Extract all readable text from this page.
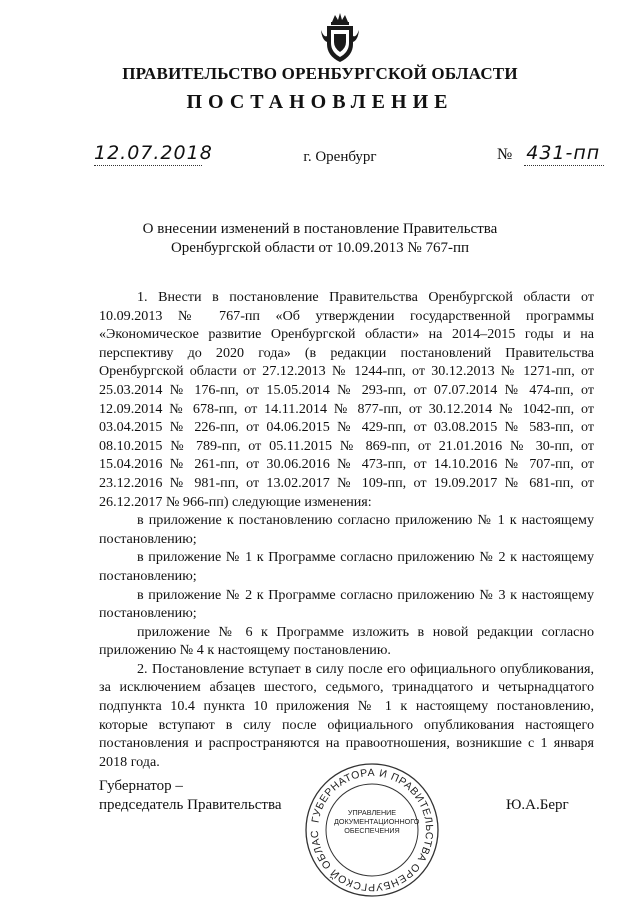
ПРАВИТЕЛЬСТВО ОРЕНБУРГСКОЙ ОБЛАСТИ
ПОСТАНОВЛЕНИЕ
12.07.2018	г. Оренбург	№ 431-пп
О внесении изменений в постановление Правительства
Оренбургской области от 10.09.2013 № 767-пп

1. Внести в постановление Правительства Оренбургской области от 10.09.2013 № 767-пп «Об утверждении государственной программы «Экономическое развитие Оренбургской области» на 2014–2015 годы и на перспективу до 2020 года» (в редакции постановлений Правительства Оренбургской области от 27.12.2013 № 1244-пп, от 30.12.2013 № 1271-пп, от 25.03.2014 № 176-пп, от 15.05.2014 № 293-пп, от 07.07.2014 № 474-пп, от 12.09.2014 № 678-пп, от 14.11.2014 № 877-пп, от 30.12.2014 № 1042-пп, от 03.04.2015 № 226-пп, от 04.06.2015 № 429-пп, от 03.08.2015 № 583-пп, от 08.10.2015 № 789-пп, от 05.11.2015 № 869-пп, от 21.01.2016 № 30-пп, от 15.04.2016 № 261-пп, от 30.06.2016 № 473-пп, от 14.10.2016 № 707-пп, от 23.12.2016 № 981-пп, от 13.02.2017 № 109-пп, от 19.09.2017 № 681-пп, от 26.12.2017 № 966-пп) следующие изменения:

в приложение к постановлению согласно приложению № 1 к настоящему постановлению;

в приложение № 1 к Программе согласно приложению № 2 к настоящему постановлению;

в приложение № 2 к Программе согласно приложению № 3 к настоящему постановлению;

приложение № 6 к Программе изложить в новой редакции согласно приложению № 4 к настоящему постановлению.

2. Постановление вступает в силу после его официального опубликования, за исключением абзацев шестого, седьмого, тринадцатого и четырнадцатого подпункта 10.4 пункта 10 приложения № 1 к настоящему постановлению, которые вступают в силу после официального опубликования настоящего постановления и распространяются на правоотношения, возникшие с 1 января 2018 года.

Губернатор –
председатель Правительства	Ю.А.Берг
ГУБЕРНАТОРА И ПРАВИТЕЛЬСТВА ОРЕНБУРГСКОЙ ОБЛАС
УПРАВЛЕНИЕ
ДОКУМЕНТАЦИОННОГО
ОБЕСПЕЧЕНИЯ
